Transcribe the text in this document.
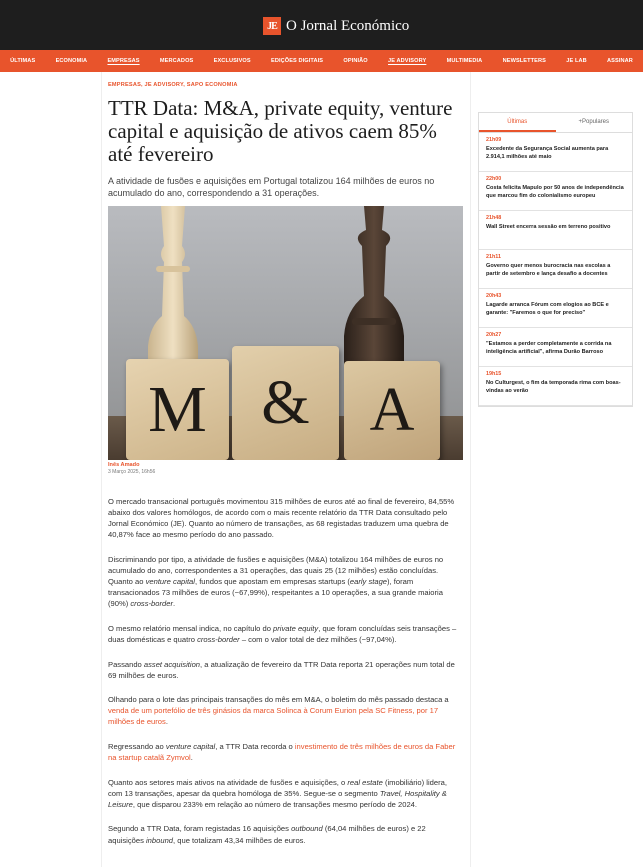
JE O Jornal Económico
ÚLTIMAS	ECONOMIA	EMPRESAS	MERCADOS	EXCLUSIVOS	EDIÇÕES DIGITAIS	OPINIÃO	JE ADVISORY	MULTIMEDIA	NEWSLETTERS	JE LAB	ASSINAR
EMPRESAS, JE ADVISORY, SAPO ECONOMIA
TTR Data: M&A, private equity, venture capital e aquisição de ativos caem 85% até fevereiro

A atividade de fusões e aquisições em Portugal totalizou 164 milhões de euros no acumulado do ano, correspondendo a 31 operações.

M & A
Inês Amado
3 Março 2025, 16h56

O mercado transacional português movimentou 315 milhões de euros até ao final de fevereiro, 84,55% abaixo dos valores homólogos, de acordo com o mais recente relatório da TTR Data consultado pelo Jornal Económico (JE). Quanto ao número de transações, as 68 registadas traduzem uma quebra de 40,87% face ao mesmo período do ano passado.

Discriminando por tipo, a atividade de fusões e aquisições (M&A) totalizou 164 milhões de euros no acumulado do ano, correspondentes a 31 operações, das quais 25 (12 milhões) estão concluídas. Quanto ao venture capital, fundos que apostam em empresas startups (early stage), foram transacionados 73 milhões de euros (−67,99%), respeitantes a 10 operações, a sua grande maioria (90%) cross-border.

O mesmo relatório mensal indica, no capítulo do private equity, que foram concluídas seis transações – duas domésticas e quatro cross-border – com o valor total de dez milhões (−97,04%).

Passando asset acquisition, a atualização de fevereiro da TTR Data reporta 21 operações num total de 69 milhões de euros.

Olhando para o lote das principais transações do mês em M&A, o boletim do mês passado destaca a venda de um portefólio de três ginásios da marca Solinca à Corum Eurion pela SC Fitness, por 17 milhões de euros.

Regressando ao venture capital, a TTR Data recorda o investimento de três milhões de euros da Faber na startup catalã Zymvol.

Quanto aos setores mais ativos na atividade de fusões e aquisições, o real estate (imobiliário) lidera, com 13 transações, apesar da quebra homóloga de 35%. Segue-se o segmento Travel, Hospitality & Leisure, que disparou 233% em relação ao número de transações mesmo período de 2024.

Segundo a TTR Data, foram registadas 16 aquisições outbound (64,04 milhões de euros) e 22 aquisições inbound, que totalizam 43,34 milhões de euros.

Últimas	+Populares
21h09
Excedente da Segurança Social aumenta para 2.914,1 milhões até maio
22h00
Costa felicita Mapulo por 50 anos de independência que marcou fim do colonialismo europeu
21h48
Wall Street encerra sessão em terreno positivo
21h11
Governo quer menos burocracia nas escolas a partir de setembro e lança desafio a docentes
20h43
Lagarde arranca Fórum com elogios ao BCE e garante: "Faremos o que for preciso"
20h27
"Estamos a perder completamente a corrida na inteligência artificial", afirma Durão Barroso
19h15
No Culturgest, o fim da temporada rima com boas-vindas ao verão
